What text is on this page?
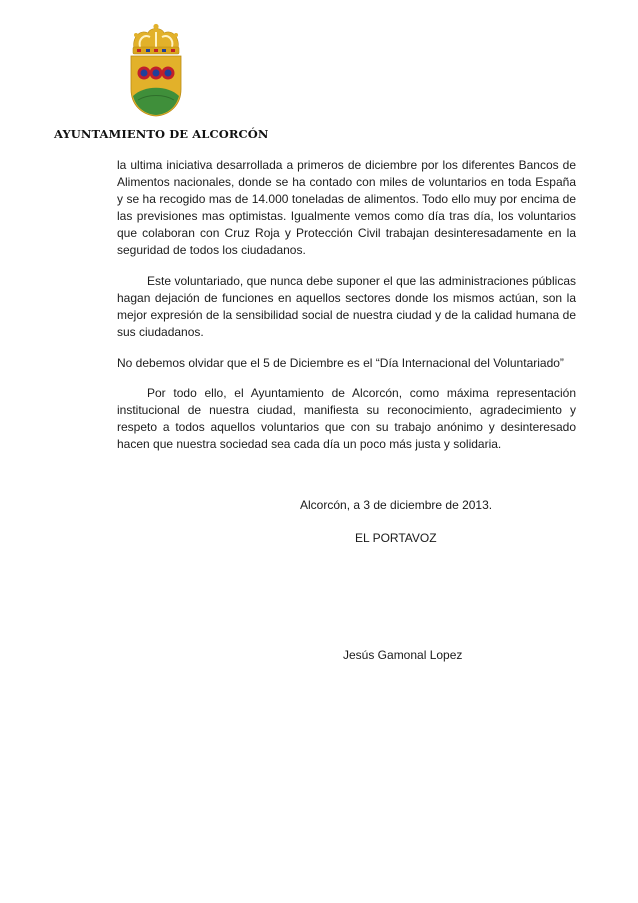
AYUNTAMIENTO DE ALCORCÓN

la ultima iniciativa desarrollada a primeros de diciembre por los diferentes Bancos de Alimentos nacionales, donde se ha contado con miles de voluntarios en toda España y se ha recogido mas de 14.000 toneladas de alimentos. Todo ello muy por encima de las previsiones mas optimistas. Igualmente vemos como día tras día, los voluntarios que colaboran con Cruz Roja y Protección Civil trabajan desinteresadamente en la seguridad de todos los ciudadanos.

Este voluntariado, que nunca debe suponer el que las administraciones públicas hagan dejación de funciones en aquellos sectores donde los mismos actúan, son la mejor expresión de la sensibilidad social de nuestra ciudad y de la calidad humana de sus ciudadanos.

No debemos olvidar que el 5 de Diciembre es el “Día Internacional del Voluntariado”

Por todo ello, el Ayuntamiento de Alcorcón, como máxima representación institucional de nuestra ciudad, manifiesta su reconocimiento, agradecimiento y respeto a todos aquellos voluntarios que con su trabajo anónimo y desinteresado hacen que nuestra sociedad sea cada día un poco más justa y solidaria.

Alcorcón, a 3 de diciembre de 2013.
EL PORTAVOZ
Jesús Gamonal Lopez
